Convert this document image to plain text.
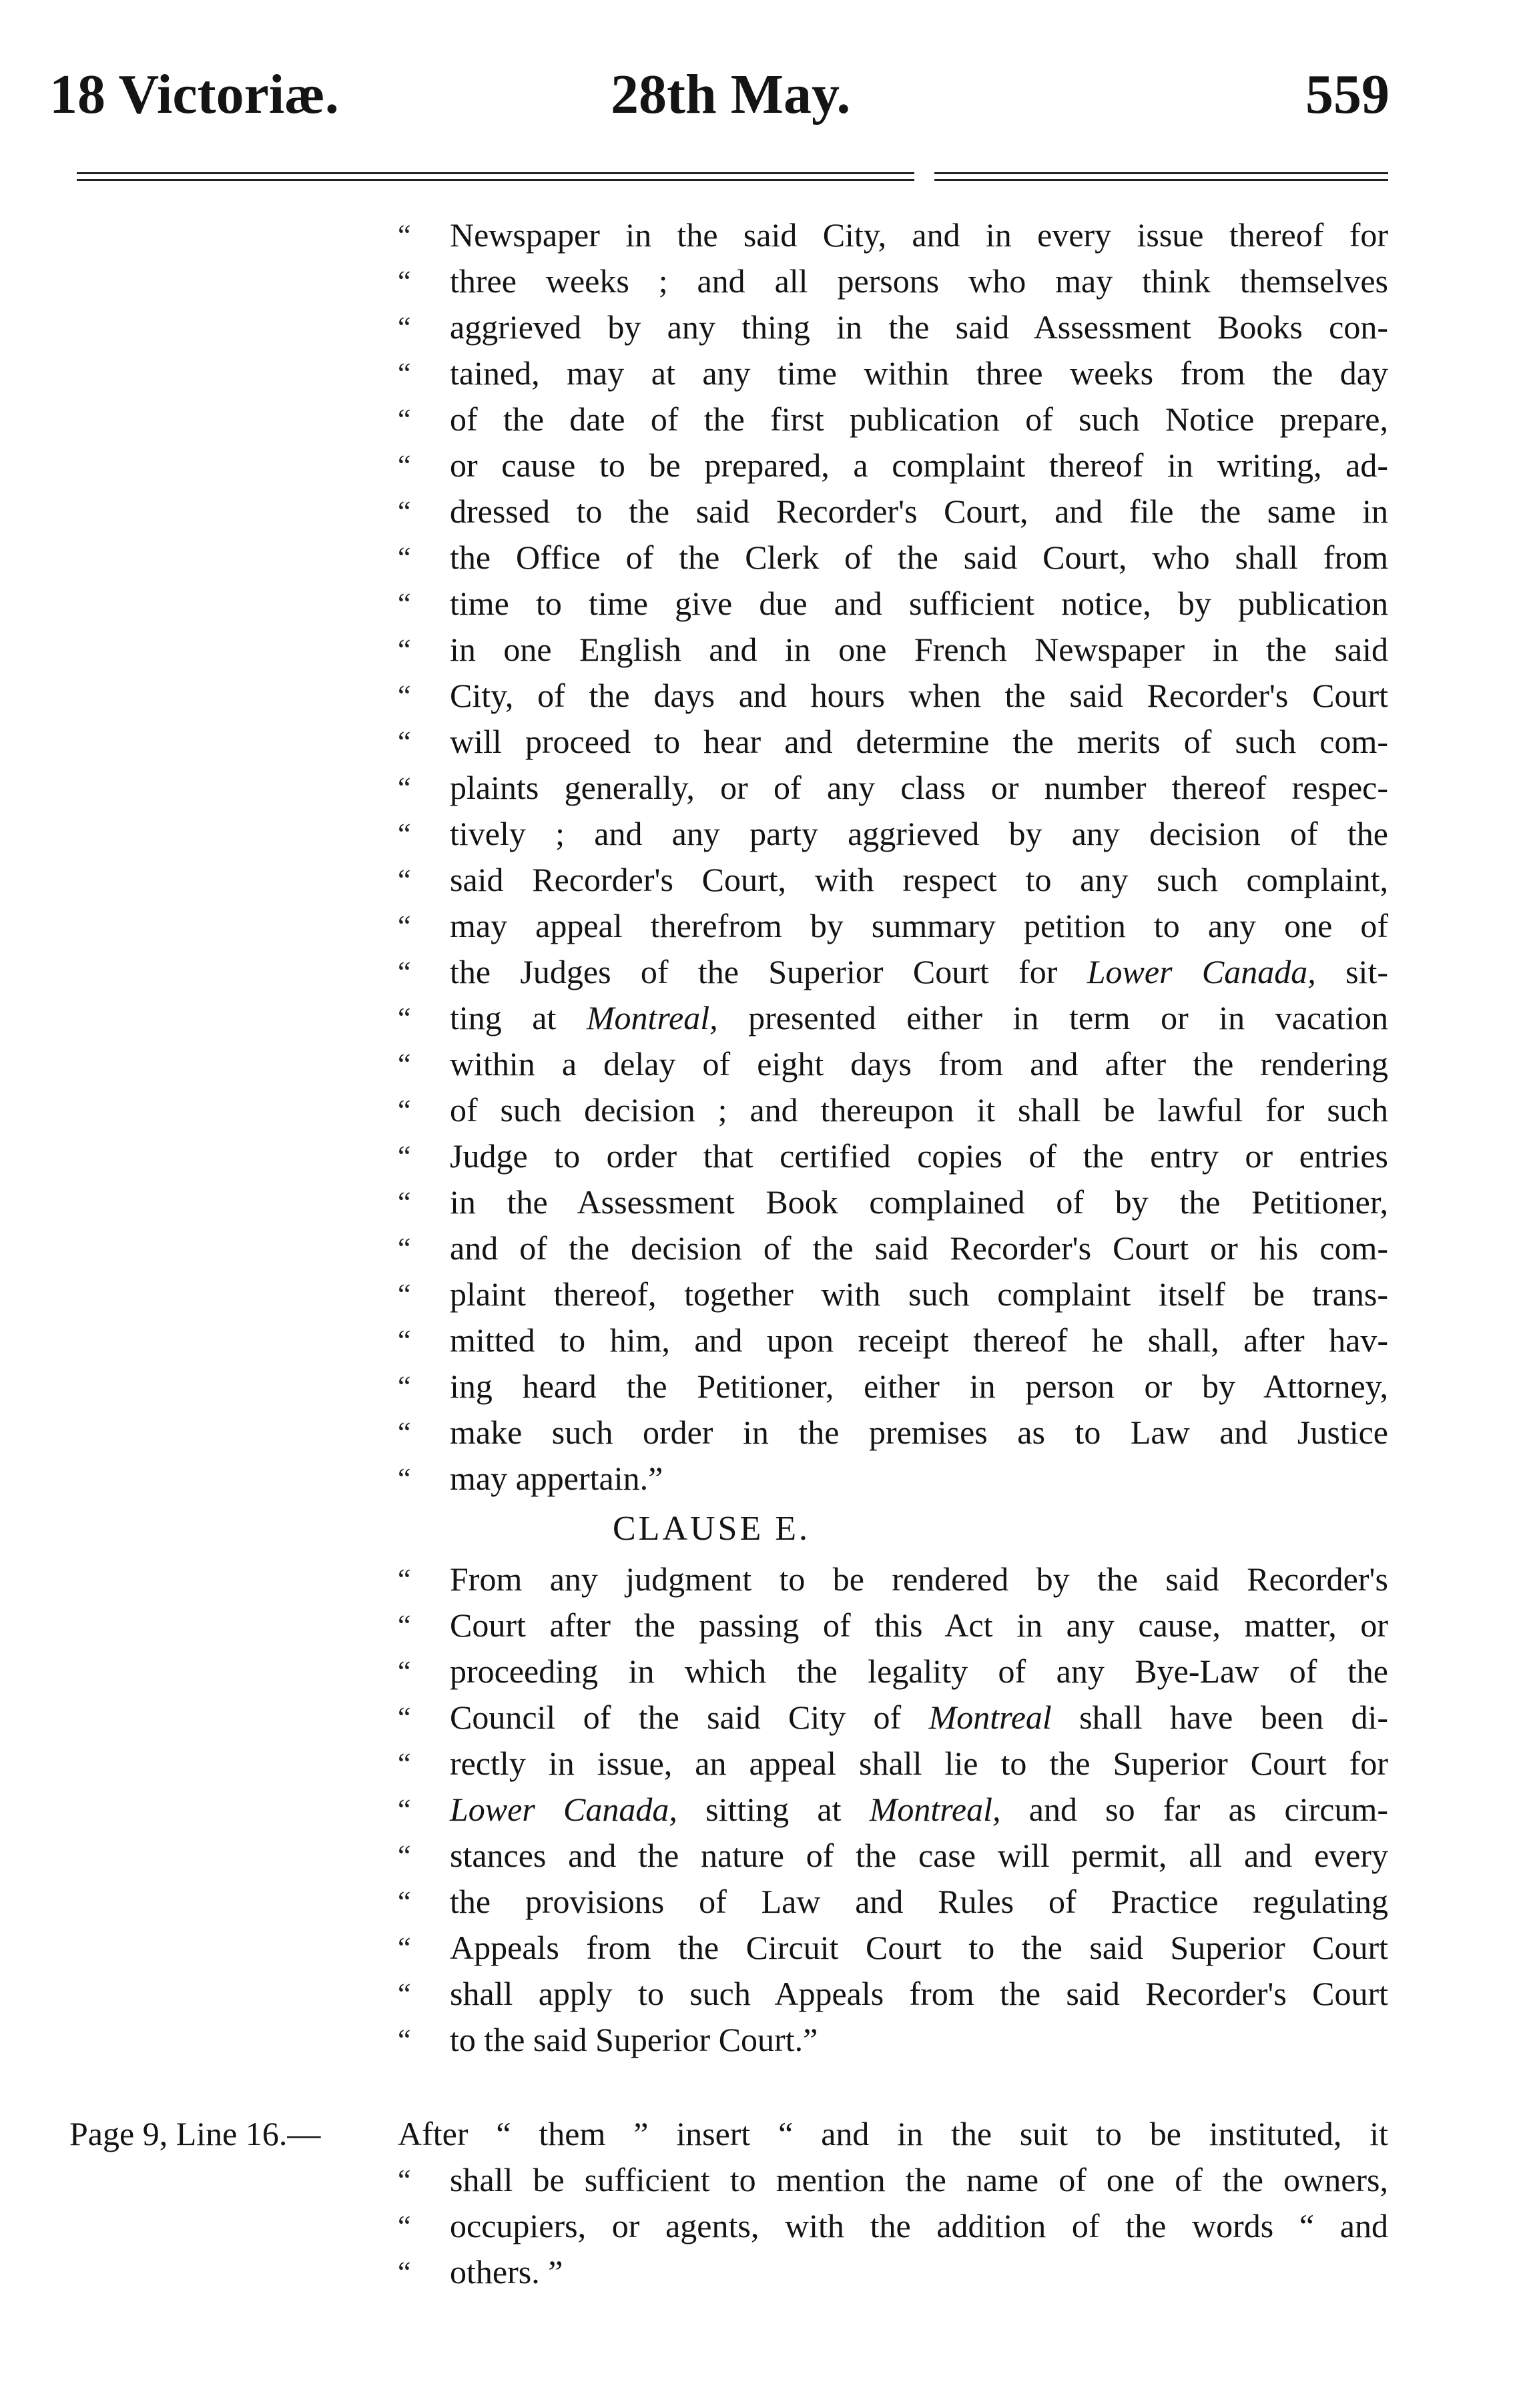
18 Victoriæ.	28th May.	559
“ Newspaper in the said City, and in every issue thereof for
“ three weeks ; and all persons who may think themselves
“ aggrieved by any thing in the said Assessment Books con-
“ tained, may at any time within three weeks from the day
“ of the date of the first publication of such Notice prepare,
“ or cause to be prepared, a complaint thereof in writing, ad-
“ dressed to the said Recorder's Court, and file the same in
“ the Office of the Clerk of the said Court, who shall from
“ time to time give due and sufficient notice, by publication
“ in one English and in one French Newspaper in the said
“ City, of the days and hours when the said Recorder's Court
“ will proceed to hear and determine the merits of such com-
“ plaints generally, or of any class or number thereof respec-
“ tively ; and any party aggrieved by any decision of the
“ said Recorder's Court, with respect to any such complaint,
“ may appeal therefrom by summary petition to any one of
“ the Judges of the Superior Court for Lower Canada, sit-
“ ting at Montreal, presented either in term or in vacation
“ within a delay of eight days from and after the rendering
“ of such decision ; and thereupon it shall be lawful for such
“ Judge to order that certified copies of the entry or entries
“ in the Assessment Book complained of by the Petitioner,
“ and of the decision of the said Recorder's Court or his com-
“ plaint thereof, together with such complaint itself be trans-
“ mitted to him, and upon receipt thereof he shall, after hav-
“ ing heard the Petitioner, either in person or by Attorney,
“ make such order in the premises as to Law and Justice
“ may appertain.”
CLAUSE E.
“ From any judgment to be rendered by the said Recorder's
“ Court after the passing of this Act in any cause, matter, or
“ proceeding in which the legality of any Bye-Law of the
“ Council of the said City of Montreal shall have been di-
“ rectly in issue, an appeal shall lie to the Superior Court for
“ Lower Canada, sitting at Montreal, and so far as circum-
“ stances and the nature of the case will permit, all and every
“ the provisions of Law and Rules of Practice regulating
“ Appeals from the Circuit Court to the said Superior Court
“ shall apply to such Appeals from the said Recorder's Court
“ to the said Superior Court.”
Page 9, Line 16.— After “ them ” insert “ and in the suit to be instituted, it
“ shall be sufficient to mention the name of one of the owners,
“ occupiers, or agents, with the addition of the words “ and
“ others. ”
